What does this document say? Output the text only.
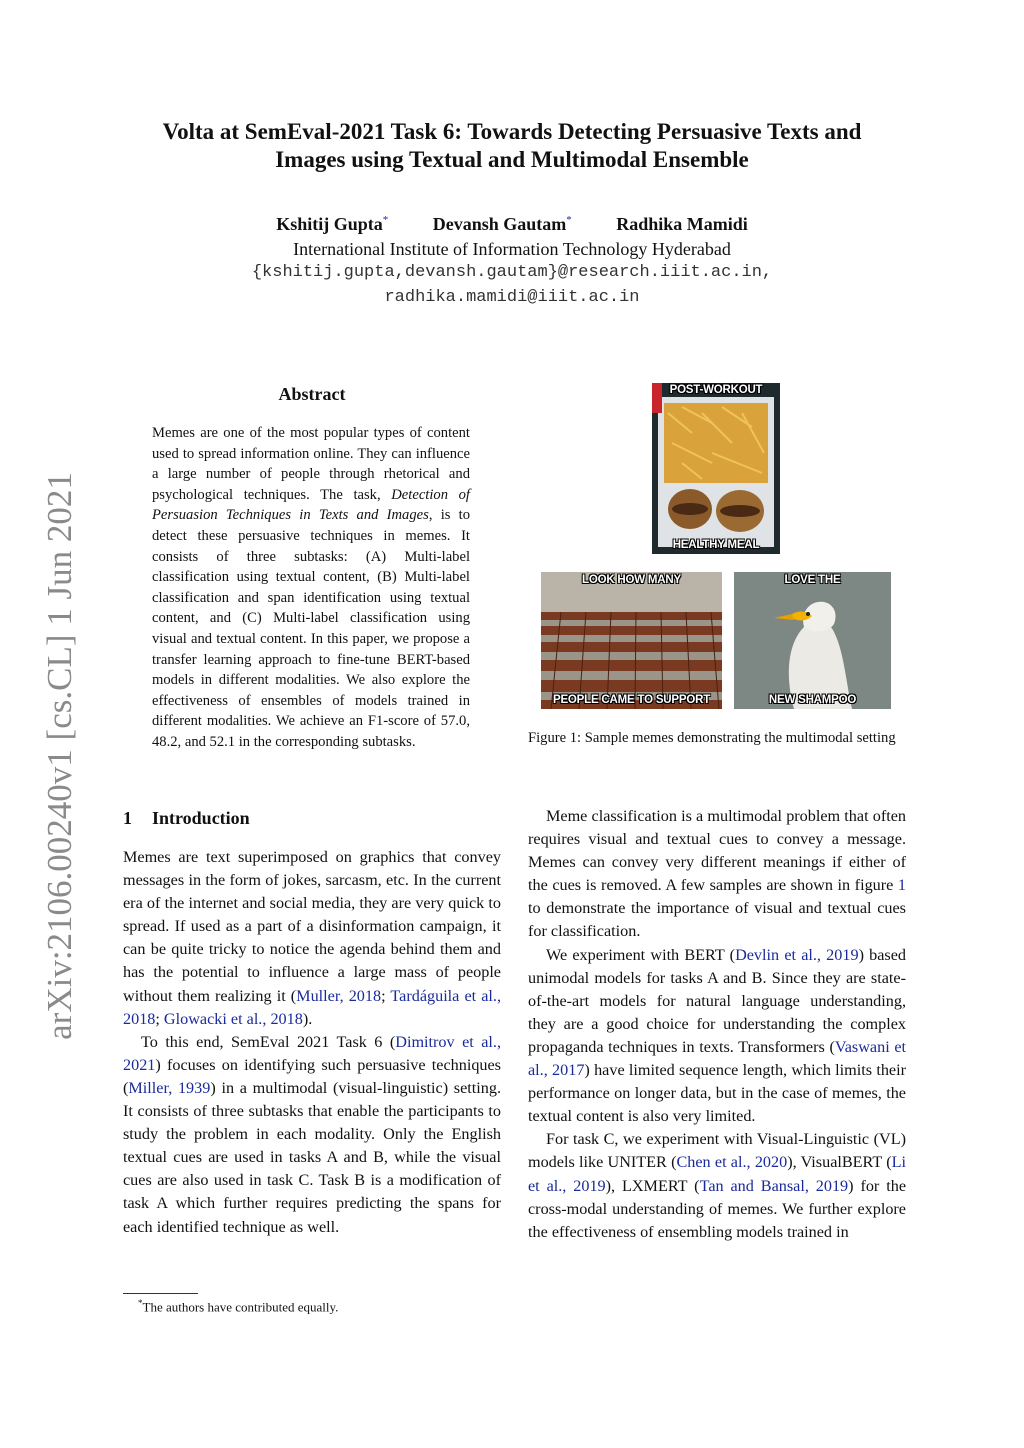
arXiv:2106.00240v1 [cs.CL] 1 Jun 2021
Volta at SemEval-2021 Task 6: Towards Detecting Persuasive Texts and
Images using Textual and Multimodal Ensemble
Kshitij Gupta* Devansh Gautam* Radhika Mamidi
International Institute of Information Technology Hyderabad
{kshitij.gupta,devansh.gautam}@research.iiit.ac.in,
radhika.mamidi@iiit.ac.in
Abstract
Memes are one of the most popular types of content used to spread information online. They can influence a large number of people through rhetorical and psychological techniques. The task, Detection of Persuasion Techniques in Texts and Images, is to detect these persuasive techniques in memes. It consists of three subtasks: (A) Multi-label classification using textual content, (B) Multi-label classification and span identification using textual content, and (C) Multi-label classification using visual and textual content. In this paper, we propose a transfer learning approach to fine-tune BERT-based models in different modalities. We also explore the effectiveness of ensembles of models trained in different modalities. We achieve an F1-score of 57.0, 48.2, and 52.1 in the corresponding subtasks.
1 Introduction

Memes are text superimposed on graphics that convey messages in the form of jokes, sarcasm, etc. In the current era of the internet and social media, they are very quick to spread. If used as a part of a disinformation campaign, it can be quite tricky to notice the agenda behind them and has the potential to influence a large mass of people without them realizing it (Muller, 2018; Tardáguila et al., 2018; Glowacki et al., 2018).

To this end, SemEval 2021 Task 6 (Dimitrov et al., 2021) focuses on identifying such persuasive techniques (Miller, 1939) in a multimodal (visual-linguistic) setting. It consists of three subtasks that enable the participants to study the problem in each modality. Only the English textual cues are used in tasks A and B, while the visual cues are also used in task C. Task B is a modification of task A which further requires predicting the spans for each identified technique as well.

*The authors have contributed equally.
POST-WORKOUT
HEALTHY MEAL
LOOK HOW MANY
PEOPLE CAME TO SUPPORT
LOVE THE
NEW SHAMPOO
Figure 1: Sample memes demonstrating the multimodal setting

Meme classification is a multimodal problem that often requires visual and textual cues to convey a message. Memes can convey very different meanings if either of the cues is removed. A few samples are shown in figure 1 to demonstrate the importance of visual and textual cues for classification.

We experiment with BERT (Devlin et al., 2019) based unimodal models for tasks A and B. Since they are state-of-the-art models for natural language understanding, they are a good choice for understanding the complex propaganda techniques in texts. Transformers (Vaswani et al., 2017) have limited sequence length, which limits their performance on longer data, but in the case of memes, the textual content is also very limited.

For task C, we experiment with Visual-Linguistic (VL) models like UNITER (Chen et al., 2020), VisualBERT (Li et al., 2019), LXMERT (Tan and Bansal, 2019) for the cross-modal understanding of memes. We further explore the effectiveness of ensembling models trained in
